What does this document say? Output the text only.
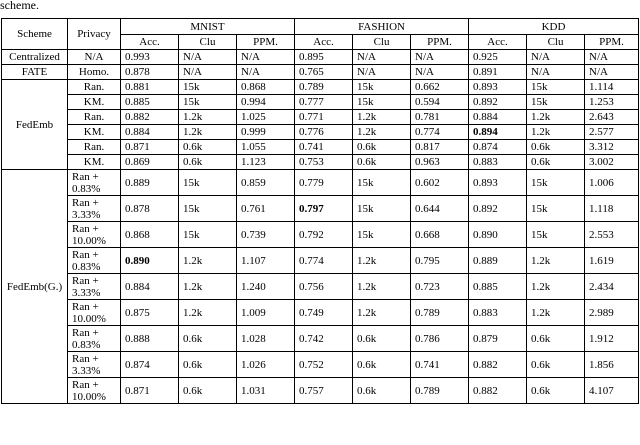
scheme.
Scheme	Privacy	MNIST			FASHION			KDD		
		Acc.	Clu	PPM.	Acc.	Clu	PPM.	Acc.	Clu	PPM.
Centralized	N/A	0.993	N/A	N/A	0.895	N/A	N/A	0.925	N/A	N/A
FATE	Homo.	0.878	N/A	N/A	0.765	N/A	N/A	0.891	N/A	N/A
FedEmb	Ran.	0.881	15k	0.868	0.789	15k	0.662	0.893	15k	1.114
	KM.	0.885	15k	0.994	0.777	15k	0.594	0.892	15k	1.253
	Ran.	0.882	1.2k	1.025	0.771	1.2k	0.781	0.884	1.2k	2.643
	KM.	0.884	1.2k	0.999	0.776	1.2k	0.774	0.894	1.2k	2.577
	Ran.	0.871	0.6k	1.055	0.741	0.6k	0.817	0.874	0.6k	3.312
	KM.	0.869	0.6k	1.123	0.753	0.6k	0.963	0.883	0.6k	3.002
FedEmb(G.)	Ran + 0.83%	0.889	15k	0.859	0.779	15k	0.602	0.893	15k	1.006
	Ran + 3.33%	0.878	15k	0.761	0.797	15k	0.644	0.892	15k	1.118
	Ran + 10.00%	0.868	15k	0.739	0.792	15k	0.668	0.890	15k	2.553
	Ran + 0.83%	0.890	1.2k	1.107	0.774	1.2k	0.795	0.889	1.2k	1.619
	Ran + 3.33%	0.884	1.2k	1.240	0.756	1.2k	0.723	0.885	1.2k	2.434
	Ran + 10.00%	0.875	1.2k	1.009	0.749	1.2k	0.789	0.883	1.2k	2.989
	Ran + 0.83%	0.888	0.6k	1.028	0.742	0.6k	0.786	0.879	0.6k	1.912
	Ran + 3.33%	0.874	0.6k	1.026	0.752	0.6k	0.741	0.882	0.6k	1.856
	Ran + 10.00%	0.871	0.6k	1.031	0.757	0.6k	0.789	0.882	0.6k	4.107
